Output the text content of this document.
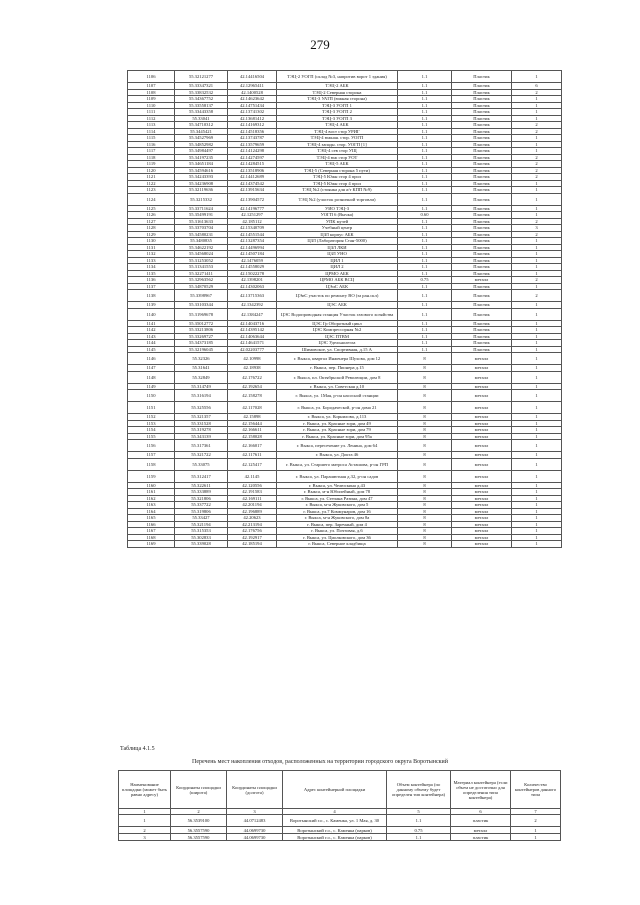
279
1106	55.32121277	42.14416504	ТЭЦ-2 УОГП (склад №3, напротив ворот 1 здания)	1.1	Пластик	1
1107	55.33347321	42.12965411	ТЭЦ-2 АБК	1.1	Пластик	6
1108	55.33832532	42.1400528	ТЭЦ-2 Северная сторона	1.1	Пластик	2
1109	55.34367752	42.14623642	ТЭЦ-3 УАТП (южная сторона)	1.1	Пластик	1
1110	55.33558137	42.14751434	ТЭЦ-3 УОГП 1	1.1	Пластик	1
1111	55.33443358	42.13741302	ТЭЦ-3 УОГП 2	1.1	Пластик	1
1112	55.33041	42.13681412	ТЭЦ-3 УОГП 3	1.1	Пластик	1
1113	55.34710312	42.14169312	ТЭЦ-4 АБК	1.1	Пластик	2
1114	55.3445421	42.14518356	ТЭЦ-4 вост стор УРИГ	1.1	Пластик	2
1115	55.34527969	42.13743787	ТЭЦ-4 южная. стор. УОГП	1.1	Пластик	1
1116	55.34852982	42.13579659	ТЭЦ-4 западн. стор. УОГП [1]	1.1	Пластик	1
1117	55.34984497	42.14124298	ТЭЦ-4 сев стор УЩ	1.1	Пластик	1
1118	55.34197235	42.14274597	ТЭЦ-4 юж стор УОТ	1.1	Пластик	2
1119	55.34651184	42.14284515	ТЭЦ-5 АБК	1.1	Пластик	2
1120	55.34594616	42.13518906	ТЭЦ-5 (Северная сторона 5 пути)	1.1	Пластик	2
1121	55.34243393	42.14412689	ТЭЦ-5 Южн стор 4 прол	1.1	Пластик	2
1122	55.34236908	42.14374542	ТЭЦ-5 Южн стор 4 прол	1.1	Пластик	1
1123	55.32119636	42.13915634	ТЭЦ №2 (стоянка для а/т КПП №9)	1.1	Пластик	1
1124	55.3215332	42.13904572	ТЭЦ №2 (участок розничной торговли)	1.1	Пластик	1
1125	55.33711624	42.14196777	УИО ТЭЦ-3	1.1	Пластик	1
1126	55.35499191	42.1251297	УОГП 6 (Вычка)	0.60	Пластик	1
1127	55.31613633	42.185112	УПК музей	1.1	Пластик	2
1128	55.33703704	42.15340709	Учебный центр	1.1	Пластик	3
1129	55.34580231	42.14551544	ЦЗЛ корпус АБК	1.1	Пластик	2
1130	55.3480835	42.13287354	ЦЗЛ (Лаборатория Стан-5000)	1.1	Пластик	1
1131	55.34622192	42.14496994	ЦЗЛ ЛКИ	1.1	Пластик	1
1132	55.34568024	42.14507184	ЦЗЛ УНО	1.1	Пластик	1
1133	55.31253052	42.1476059	ЦИЛ 1	1.1	Пластик	1
1134	55.31341553	42.14558029	ЦИЛ 2	1.1	Пластик	1
1135	55.32271411	42.15022278	ЦРМО АБК	1.1	Пластик	1
1136	55.32963562	42.1398201	ЦРМО АБК ВСЦ	0.75	металл	2
1137	55.34870529	42.14302063	ЦЭиС АБК	1.1	Пластик	1
1138	55.3398967	42.13715363	ЦЭиС участок по ремонту ВО (за ран.скл)	1.1	Пластик	2
1139	55.33103344	42.1342392	ЦЭС АБК	1.1	Пластик	1
1140	55.31969678	42.1384247	ЦЭС Водопроводная станция Участок газового хозяйства	1.1	Пластик	1
1141	55.35012772	42.14043716	ЦЭС Гр Оборотный цикл	1.1	Пластик	1
1142	55.33213806	42.14395142	ЦЭС Компрессорная №2	1.1	Пластик	1
1143	55.33269727	42.14063644	ЦЭС ПТВМ	1.1	Пластик	1
1144	55.34373185	42.14641571	ЦЭС Удельнолегла	1.1	Пластик	1
1145	55.32196045	42.02203777	Шимовское, ул. Спортивная, д.15 А	1.1	Пластик	1
1146	55.32326	42.10998	г. Выкса, квартал Инженера Шухова, дом 12	8	металл	1
1147	55.31641	42.18938	г. Выкса, пер. Пионера д.15	8	металл	1
1148	55.32849	42.176722	г. Выкса, пл. Октябрьской Революции, дом 8	8	металл	1
1149	55.314749	42.192654	г. Выкса, ул. Советская д.10	8	металл	1
1150	55.316194	42.158278	г. Выкса, ул. 1Мая, р-он насосной станции	8	металл	1
1151	55.325556	42.117028	г. Выкса, ул. Бородаческой, р-он дома 21	8	металл	1
1152	55.321357	42.15898	г. Выкса, ул. Корнилова, д.113	8	металл	1
1153	55.331528	42.156444	г. Выкса, ул. Красные зори, дом 49	8	металл	1
1154	55.319278	42.166611	г. Выкса, ул. Красные зори, дом 79	8	металл	1
1155	55.343139	42.158028	г. Выкса, ул. Красные зори, дом 95а	8	металл	1
1156	55.317361	42.166017	г. Выкса, пересечение ул. Ленина, дом 64	8	металл	1
1157	55.321722	42.117611	г. Выкса, ул. Докта 46	8	металл	1
1158	55.33075	42.125417	г. Выкса, ул. Старшего матроса Асташова, р-он ГРП	8	металл	1
1159	55.312417	42.1145	г. Выкса, ул. Парашютная д.32, р-он садов	8	металл	1
1160	55.322611	42.120556	г. Выкса, ул. Челюскина д.43	8	металл	1
1161	55.333889	42.191583	г. Выкса, м-н Юбилейный, дом 78	8	металл	1
1162	55.321806	42.169111	г. Выкса, ул. Степана Разина, дом 47	8	металл	1
1163	55.337722	42.201194	г. Выкса, м-н Жуковского, дом 5	8	металл	1
1164	55.319806	42.196889	г. Выкса, ул.7 Коммунаров, дом 16	8	металл	1
1165	55.33427	42.20623	г. Выкса, м-н Жуковского, дом 8а	8	металл	1
1166	55.321194	42.213194	г. Выкса, пер. Заречный, дом 4	8	металл	1
1167	55.315353	42.176756	г. Выкса, ул. Почтовая, д.6	8	металл	1
1168	55.302833	42.192917	г. Выкса, ул. Циолковского, дом 36	8	металл	1
1169	55.339028	42.185194	г. Выкса, Северное кладбища	8	металл	1
Таблица 4.1.5
Перечень мест накопления отходов, расположенных на территории городского округа Воротынский
Наименование площадки (может быть равно адресу)	Координаты площадки (широта)	Координаты площадки (долгота)	Адрес контейнерной площадки	Объем контейнера (по данному объему будет определен тип контейнера)	Материал контейнера (если объем не достаточно для определения типа контейнера)	Количество контейнеров данного типа
1	2	3	4	5	6	7
1	56.3539100	44.0712483	Воротынский г.о., с. Каменка, ул. 1 Мая, д. 30	1.1	пластик	2
2	56.3557590	44.0699730	Воротынский г.о., с. Каменка (парков)	0.75	металл	1
3	56.3557590	44.0699730	Воротынский г.о., с. Каменка (парков)	1.1	пластик	1
